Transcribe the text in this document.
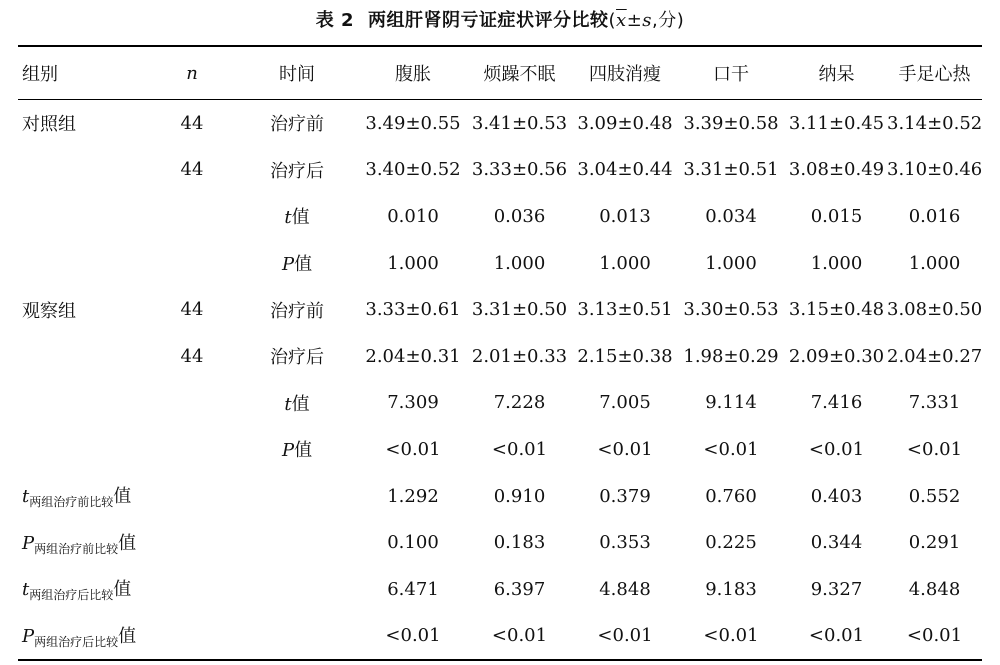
表 2 两组肝肾阴亏证症状评分比较($\overline{x}\pm s$,分)
组别	n	时间	腹胀	烦躁不眠	四肢消瘦	口干	纳呆	手足心热
对照组	44	治疗前	3.49±0.55	3.41±0.53	3.09±0.48	3.39±0.58	3.11±0.45	3.14±0.52
	44	治疗后	3.40±0.52	3.33±0.56	3.04±0.44	3.31±0.51	3.08±0.49	3.10±0.46
		t值	0.010	0.036	0.013	0.034	0.015	0.016
		P值	1.000	1.000	1.000	1.000	1.000	1.000
观察组	44	治疗前	3.33±0.61	3.31±0.50	3.13±0.51	3.30±0.53	3.15±0.48	3.08±0.50
	44	治疗后	2.04±0.31	2.01±0.33	2.15±0.38	1.98±0.29	2.09±0.30	2.04±0.27
		t值	7.309	7.228	7.005	9.114	7.416	7.331
		P值	<0.01	<0.01	<0.01	<0.01	<0.01	<0.01
$t_{两组治疗前比较}$值			1.292	0.910	0.379	0.760	0.403	0.552
$P_{两组治疗前比较}$值			0.100	0.183	0.353	0.225	0.344	0.291
$t_{两组治疗后比较}$值			6.471	6.397	4.848	9.183	9.327	4.848
$P_{两组治疗后比较}$值			<0.01	<0.01	<0.01	<0.01	<0.01	<0.01
